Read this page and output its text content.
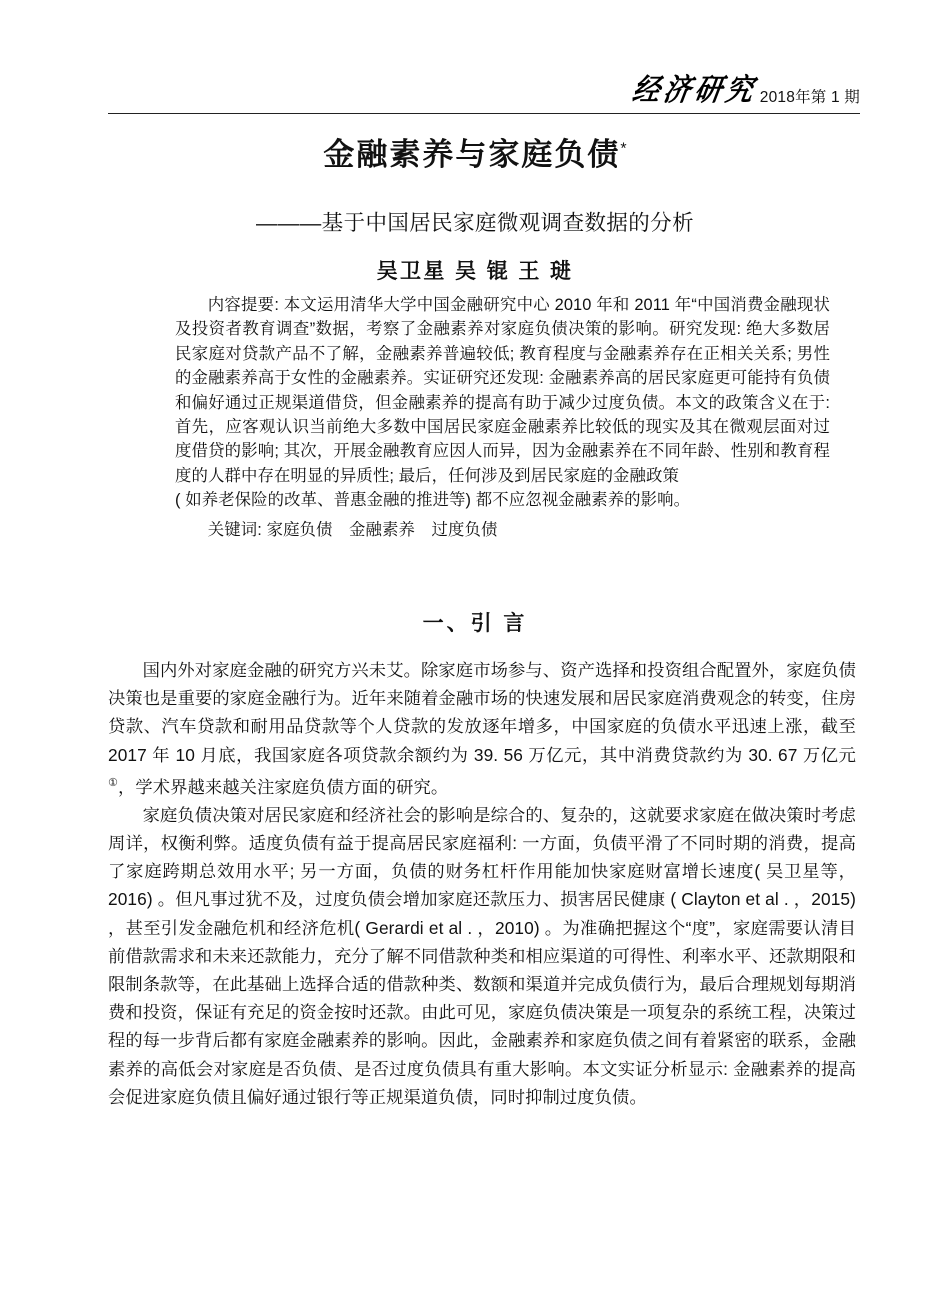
经济研究 2018年第 1 期
金融素养与家庭负债*
———基于中国居民家庭微观调查数据的分析
吴卫星 吴 锟 王 琎

内容提要: 本文运用清华大学中国金融研究中心 2010 年和 2011 年“中国消费金融现状及投资者教育调查”数据，考察了金融素养对家庭负债决策的影响。研究发现: 绝大多数居民家庭对贷款产品不了解，金融素养普遍较低; 教育程度与金融素养存在正相关关系; 男性的金融素养高于女性的金融素养。实证研究还发现: 金融素养高的居民家庭更可能持有负债和偏好通过正规渠道借贷，但金融素养的提高有助于减少过度负债。本文的政策含义在于: 首先，应客观认识当前绝大多数中国居民家庭金融素养比较低的现实及其在微观层面对过度借贷的影响; 其次，开展金融教育应因人而异，因为金融素养在不同年龄、性别和教育程度的人群中存在明显的异质性; 最后，任何涉及到居民家庭的金融政策

( 如养老保险的改革、普惠金融的推进等) 都不应忽视金融素养的影响。

关键词: 家庭负债　金融素养　过度负债

一、引 言

国内外对家庭金融的研究方兴未艾。除家庭市场参与、资产选择和投资组合配置外，家庭负债决策也是重要的家庭金融行为。近年来随着金融市场的快速发展和居民家庭消费观念的转变，住房贷款、汽车贷款和耐用品贷款等个人贷款的发放逐年增多，中国家庭的负债水平迅速上涨，截至 2017 年 10 月底，我国家庭各项贷款余额约为 39. 56 万亿元，其中消费贷款约为 30. 67 万亿元①，学术界越来越关注家庭负债方面的研究。

家庭负债决策对居民家庭和经济社会的影响是综合的、复杂的，这就要求家庭在做决策时考虑周详，权衡利弊。适度负债有益于提高居民家庭福利: 一方面，负债平滑了不同时期的消费，提高了家庭跨期总效用水平; 另一方面，负债的财务杠杆作用能加快家庭财富增长速度( 吴卫星等，2016) 。但凡事过犹不及，过度负债会增加家庭还款压力、损害居民健康 ( Clayton et al . ，2015) ，甚至引发金融危机和经济危机( Gerardi et al . ，2010) 。为准确把握这个“度”，家庭需要认清目前借款需求和未来还款能力，充分了解不同借款种类和相应渠道的可得性、利率水平、还款期限和限制条款等，在此基础上选择合适的借款种类、数额和渠道并完成负债行为，最后合理规划每期消费和投资，保证有充足的资金按时还款。由此可见，家庭负债决策是一项复杂的系统工程，决策过程的每一步背后都有家庭金融素养的影响。因此，金融素养和家庭负债之间有着紧密的联系，金融素养的高低会对家庭是否负债、是否过度负债具有重大影响。本文实证分析显示: 金融素养的提高会促进家庭负债且偏好通过银行等正规渠道负债，同时抑制过度负债。
